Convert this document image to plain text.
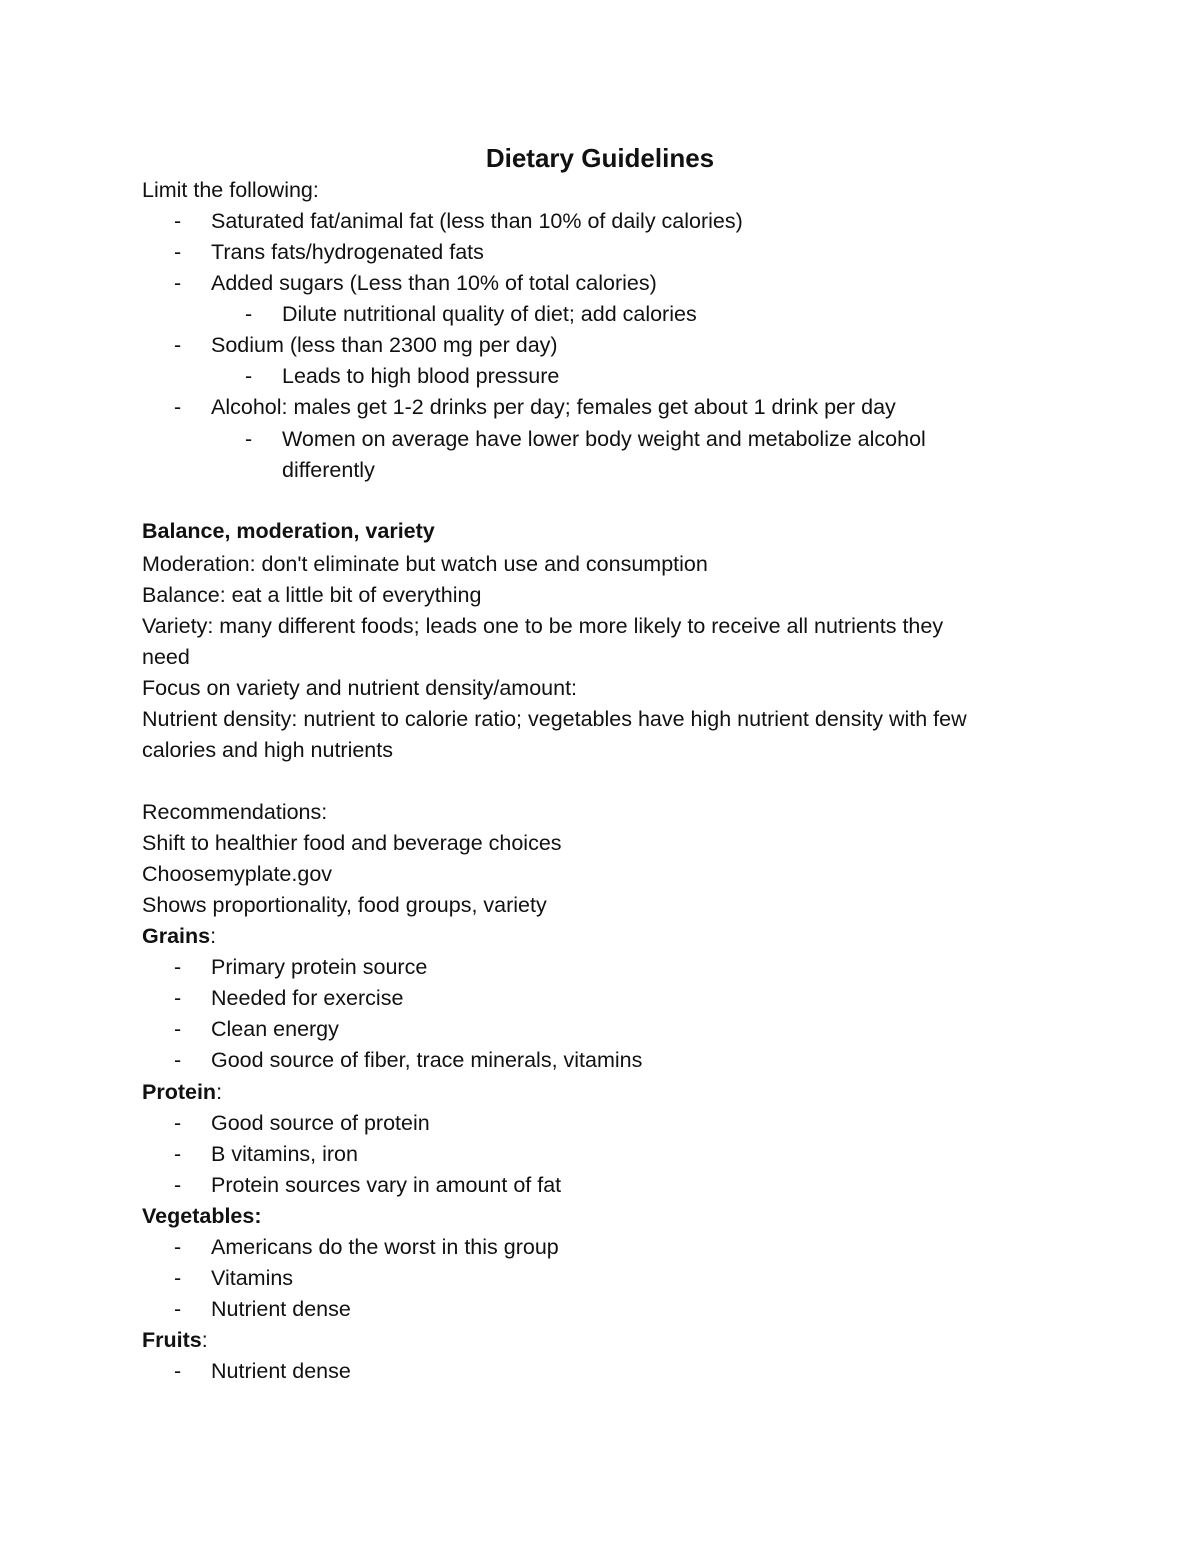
Dietary Guidelines
Limit the following:
- Saturated fat/animal fat (less than 10% of daily calories)
- Trans fats/hydrogenated fats
- Added sugars (Less than 10% of total calories)
- Dilute nutritional quality of diet; add calories
- Sodium (less than 2300 mg per day)
- Leads to high blood pressure
- Alcohol: males get 1-2 drinks per day; females get about 1 drink per day
- Women on average have lower body weight and metabolize alcohol
differently
Balance, moderation, variety
Moderation: don't eliminate but watch use and consumption
Balance: eat a little bit of everything
Variety: many different foods; leads one to be more likely to receive all nutrients they
need
Focus on variety and nutrient density/amount:
Nutrient density: nutrient to calorie ratio; vegetables have high nutrient density with few
calories and high nutrients
Recommendations:
Shift to healthier food and beverage choices
Choosemyplate.gov
Shows proportionality, food groups, variety
Grains:
- Primary protein source
- Needed for exercise
- Clean energy
- Good source of fiber, trace minerals, vitamins
Protein:
- Good source of protein
- B vitamins, iron
- Protein sources vary in amount of fat
Vegetables:
- Americans do the worst in this group
- Vitamins
- Nutrient dense
Fruits:
- Nutrient dense
